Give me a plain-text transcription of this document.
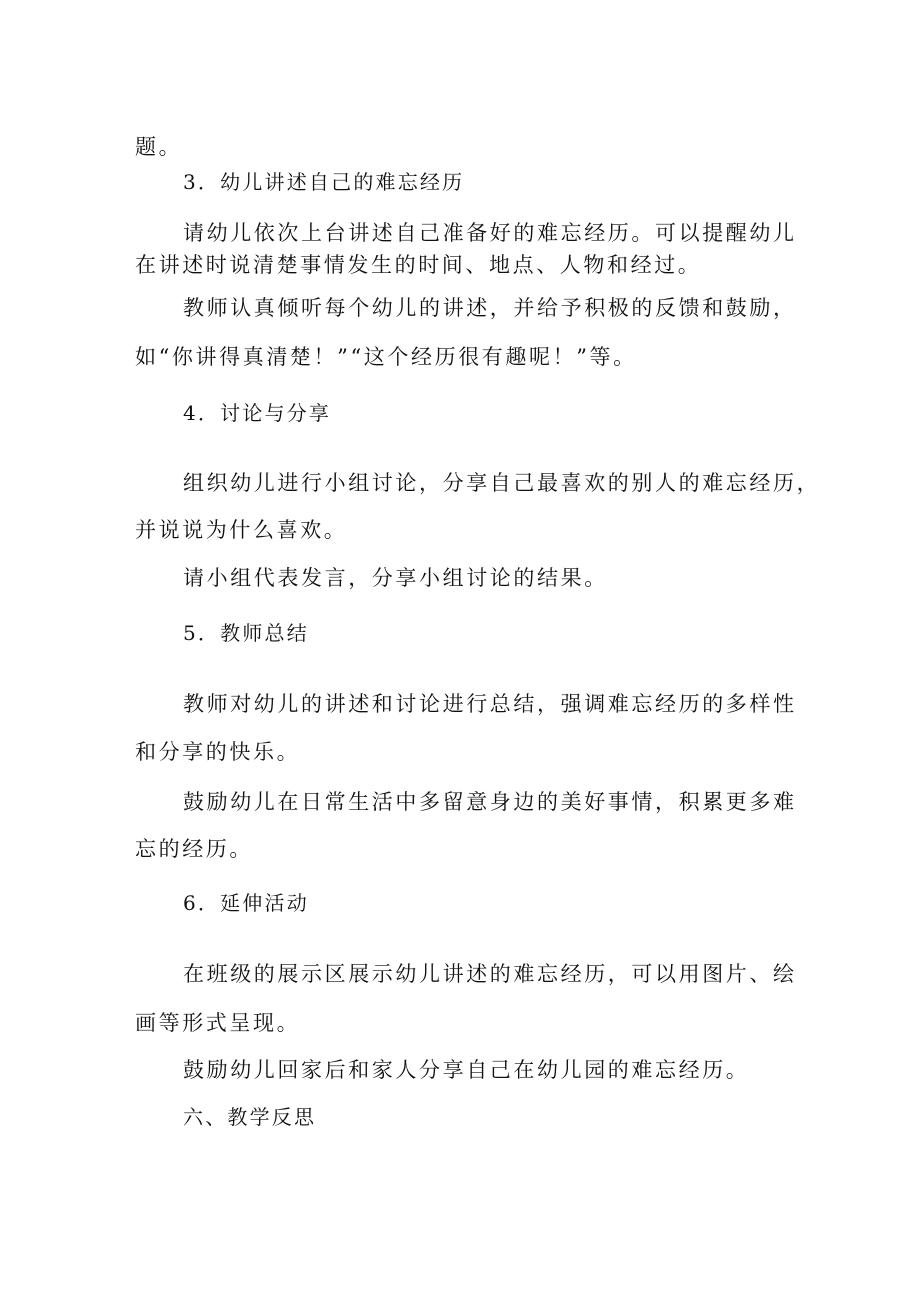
题。
3．幼儿讲述自己的难忘经历
请幼儿依次上台讲述自己准备好的难忘经历。可以提醒幼儿
在讲述时说清楚事情发生的时间、地点、人物和经过。
教师认真倾听每个幼儿的讲述，并给予积极的反馈和鼓励，
如“你讲得真清楚！”“这个经历很有趣呢！”等。
4．讨论与分享
组织幼儿进行小组讨论，分享自己最喜欢的别人的难忘经历，
并说说为什么喜欢。
请小组代表发言，分享小组讨论的结果。
5．教师总结
教师对幼儿的讲述和讨论进行总结，强调难忘经历的多样性
和分享的快乐。
鼓励幼儿在日常生活中多留意身边的美好事情，积累更多难
忘的经历。
6．延伸活动
在班级的展示区展示幼儿讲述的难忘经历，可以用图片、绘
画等形式呈现。
鼓励幼儿回家后和家人分享自己在幼儿园的难忘经历。
六、教学反思
